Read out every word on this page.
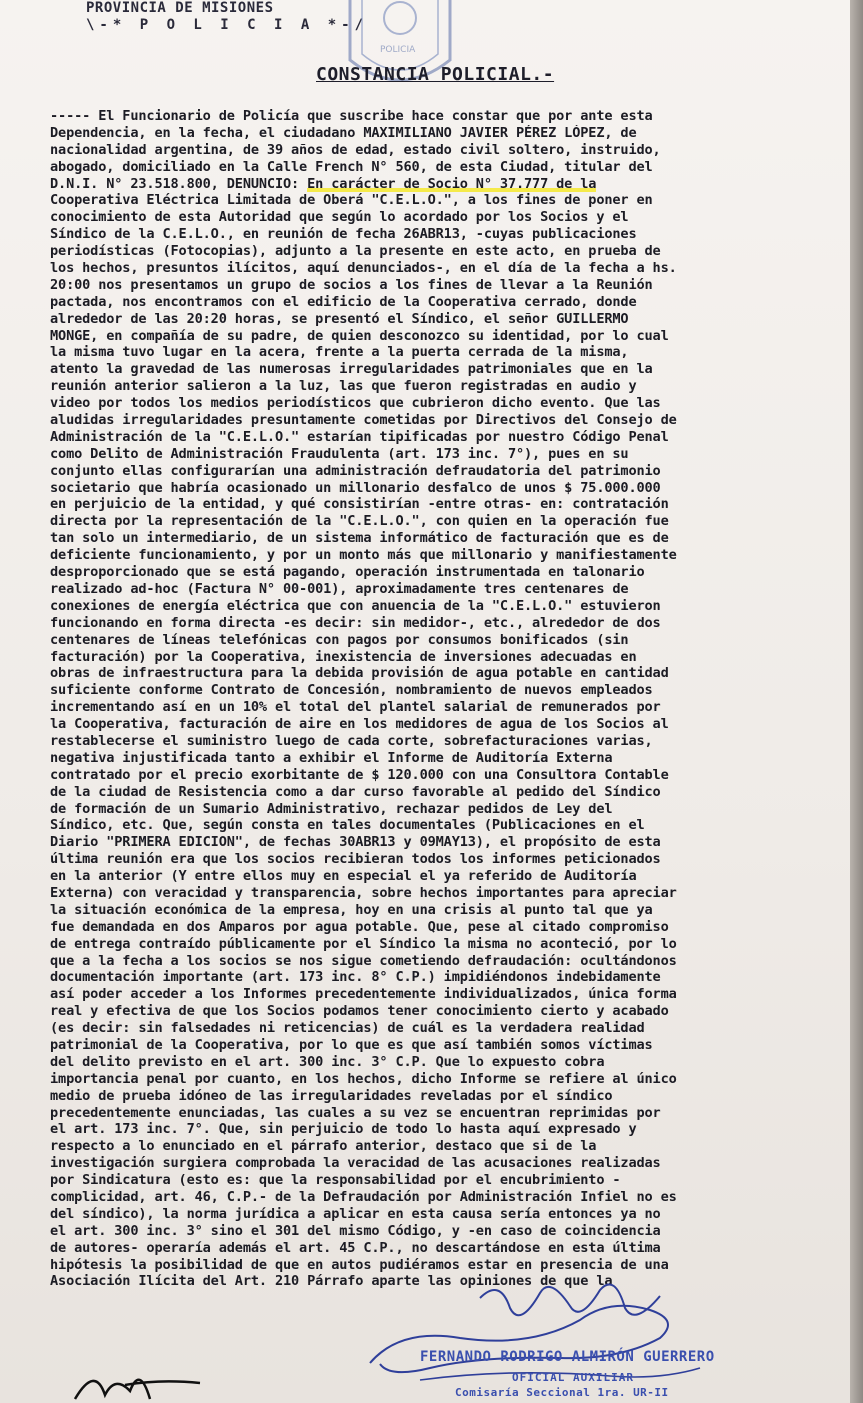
PROVINCIA DE MISIONES
\-* P O L I C I A *-/
POLICIA
CONSTANCIA POLICIAL.-
----- El Funcionario de Policía que suscribe hace constar que por ante esta
Dependencia, en la fecha, el ciudadano MAXIMILIANO JAVIER PÉREZ LÓPEZ, de
nacionalidad argentina, de 39 años de edad, estado civil soltero, instruido,
abogado, domiciliado en la Calle French N° 560, de esta Ciudad, titular del
D.N.I. N° 23.518.800, DENUNCIO: En carácter de Socio N° 37.777 de la
Cooperativa Eléctrica Limitada de Oberá "C.E.L.O.", a los fines de poner en
conocimiento de esta Autoridad que según lo acordado por los Socios y el
Síndico de la C.E.L.O., en reunión de fecha 26ABR13, -cuyas publicaciones
periodísticas (Fotocopias), adjunto a la presente en este acto, en prueba de
los hechos, presuntos ilícitos, aquí denunciados-, en el día de la fecha a hs.
20:00 nos presentamos un grupo de socios a los fines de llevar a la Reunión
pactada, nos encontramos con el edificio de la Cooperativa cerrado, donde
alrededor de las 20:20 horas, se presentó el Síndico, el señor GUILLERMO
MONGE, en compañía de su padre, de quien desconozco su identidad, por lo cual
la misma tuvo lugar en la acera, frente a la puerta cerrada de la misma,
atento la gravedad de las numerosas irregularidades patrimoniales que en la
reunión anterior salieron a la luz, las que fueron registradas en audio y
video por todos los medios periodísticos que cubrieron dicho evento. Que las
aludidas irregularidades presuntamente cometidas por Directivos del Consejo de
Administración de la "C.E.L.O." estarían tipificadas por nuestro Código Penal
como Delito de Administración Fraudulenta (art. 173 inc. 7°), pues en su
conjunto ellas configurarían una administración defraudatoria del patrimonio
societario que habría ocasionado un millonario desfalco de unos $ 75.000.000
en perjuicio de la entidad, y qué consistirían -entre otras- en: contratación
directa por la representación de la "C.E.L.O.", con quien en la operación fue
tan solo un intermediario, de un sistema informático de facturación que es de
deficiente funcionamiento, y por un monto más que millonario y manifiestamente
desproporcionado que se está pagando, operación instrumentada en talonario
realizado ad-hoc (Factura N° 00-001), aproximadamente tres centenares de
conexiones de energía eléctrica que con anuencia de la "C.E.L.O." estuvieron
funcionando en forma directa -es decir: sin medidor-, etc., alrededor de dos
centenares de líneas telefónicas con pagos por consumos bonificados (sin
facturación) por la Cooperativa, inexistencia de inversiones adecuadas en
obras de infraestructura para la debida provisión de agua potable en cantidad
suficiente conforme Contrato de Concesión, nombramiento de nuevos empleados
incrementando así en un 10% el total del plantel salarial de remunerados por
la Cooperativa, facturación de aire en los medidores de agua de los Socios al
restablecerse el suministro luego de cada corte, sobrefacturaciones varias,
negativa injustificada tanto a exhibir el Informe de Auditoría Externa
contratado por el precio exorbitante de $ 120.000 con una Consultora Contable
de la ciudad de Resistencia como a dar curso favorable al pedido del Síndico
de formación de un Sumario Administrativo, rechazar pedidos de Ley del
Síndico, etc. Que, según consta en tales documentales (Publicaciones en el
Diario "PRIMERA EDICION", de fechas 30ABR13 y 09MAY13), el propósito de esta
última reunión era que los socios recibieran todos los informes peticionados
en la anterior (Y entre ellos muy en especial el ya referido de Auditoría
Externa) con veracidad y transparencia, sobre hechos importantes para apreciar
la situación económica de la empresa, hoy en una crisis al punto tal que ya
fue demandada en dos Amparos por agua potable. Que, pese al citado compromiso
de entrega contraído públicamente por el Síndico la misma no aconteció, por lo
que a la fecha a los socios se nos sigue cometiendo defraudación: ocultándonos
documentación importante (art. 173 inc. 8° C.P.) impidiéndonos indebidamente
así poder acceder a los Informes precedentemente individualizados, única forma
real y efectiva de que los Socios podamos tener conocimiento cierto y acabado
(es decir: sin falsedades ni reticencias) de cuál es la verdadera realidad
patrimonial de la Cooperativa, por lo que es que así también somos víctimas
del delito previsto en el art. 300 inc. 3° C.P. Que lo expuesto cobra
importancia penal por cuanto, en los hechos, dicho Informe se refiere al único
medio de prueba idóneo de las irregularidades reveladas por el síndico
precedentemente enunciadas, las cuales a su vez se encuentran reprimidas por
el art. 173 inc. 7°. Que, sin perjuicio de todo lo hasta aquí expresado y
respecto a lo enunciado en el párrafo anterior, destaco que si de la
investigación surgiera comprobada la veracidad de las acusaciones realizadas
por Sindicatura (esto es: que la responsabilidad por el encubrimiento -
complicidad, art. 46, C.P.- de la Defraudación por Administración Infiel no es
del síndico), la norma jurídica a aplicar en esta causa sería entonces ya no
el art. 300 inc. 3° sino el 301 del mismo Código, y -en caso de coincidencia
de autores- operaría además el art. 45 C.P., no descartándose en esta última
hipótesis la posibilidad de que en autos pudiéramos estar en presencia de una
Asociación Ilícita del Art. 210 Párrafo aparte las opiniones de que la
FERNANDO RODRIGO ALMIRÓN GUERRERO
OFICIAL AUXILIAR
Comisaría Seccional 1ra. UR-II
